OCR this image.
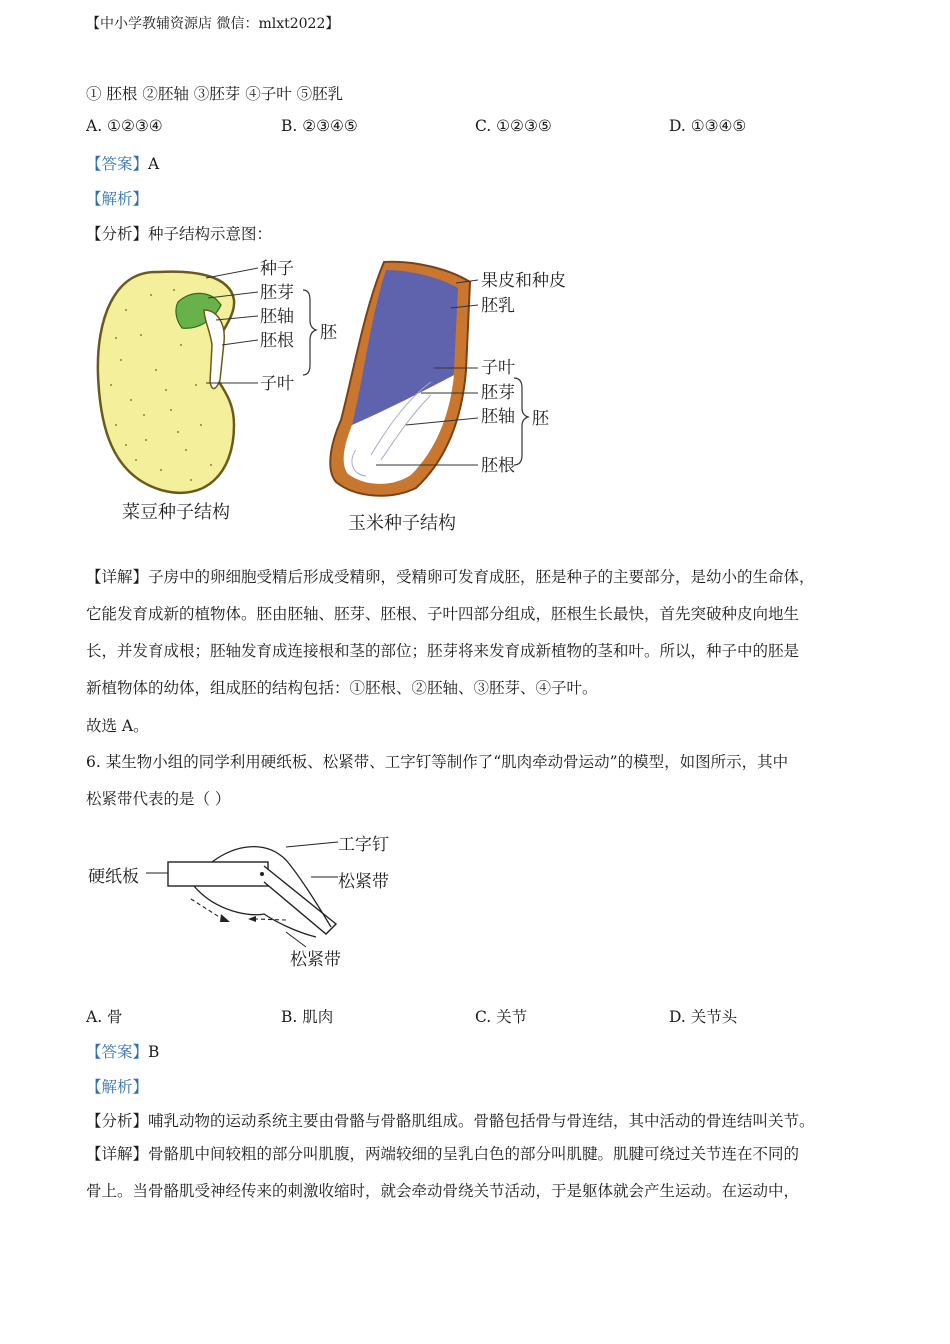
【中小学教辅资源店 微信：mlxt2022】
① 胚根 ②胚轴 ③胚芽 ④子叶 ⑤胚乳
A. ①②③④	B. ②③④⑤	C. ①②③⑤	D. ①③④⑤
【答案】A
【解析】
【分析】种子结构示意图：
种子
胚芽
胚轴
胚根
子叶
胚
菜豆种子结构
果皮和种皮
胚乳
子叶
胚芽
胚轴
胚根
胚
玉米种子结构
【详解】子房中的卵细胞受精后形成受精卵，受精卵可发育成胚，胚是种子的主要部分，是幼小的生命体，
它能发育成新的植物体。胚由胚轴、胚芽、胚根、子叶四部分组成，胚根生长最快，首先突破种皮向地生
长，并发育成根；胚轴发育成连接根和茎的部位；胚芽将来发育成新植物的茎和叶。所以，种子中的胚是
新植物体的幼体，组成胚的结构包括：①胚根、②胚轴、③胚芽、④子叶。
故选 A。
6. 某生物小组的同学利用硬纸板、松紧带、工字钉等制作了“肌肉牵动骨运动”的模型，如图所示，其中
松紧带代表的是（ ）
工字钉
硬纸板	松紧带
松紧带
A. 骨	B. 肌肉	C. 关节	D. 关节头
【答案】B
【解析】
【分析】哺乳动物的运动系统主要由骨骼与骨骼肌组成。骨骼包括骨与骨连结，其中活动的骨连结叫关节。
【详解】骨骼肌中间较粗的部分叫肌腹，两端较细的呈乳白色的部分叫肌腱。肌腱可绕过关节连在不同的
骨上。当骨骼肌受神经传来的刺激收缩时，就会牵动骨绕关节活动，于是躯体就会产生运动。在运动中，
